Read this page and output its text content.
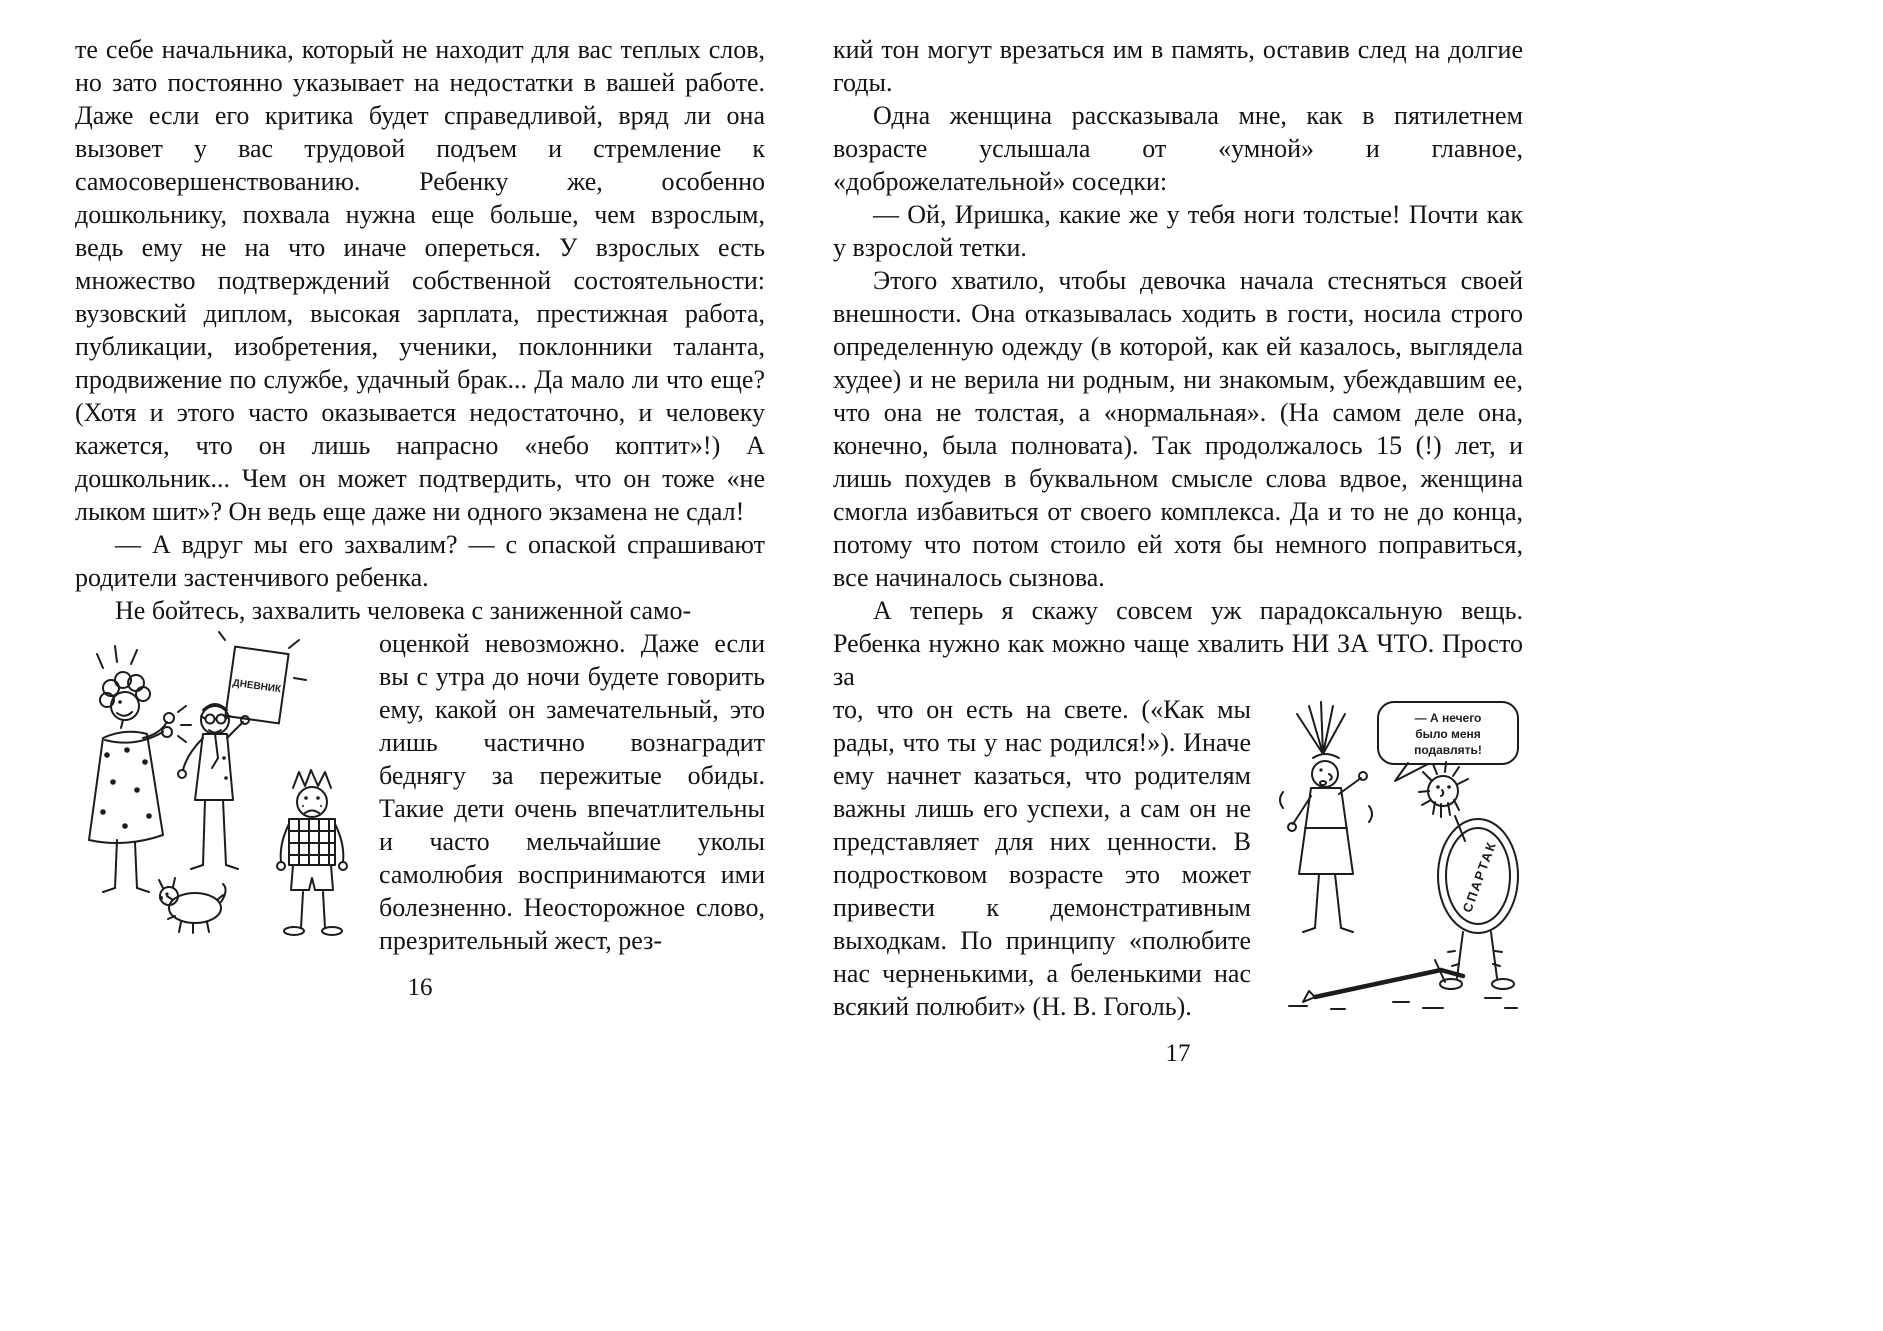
те себе начальника, который не находит для вас теплых слов, но зато постоянно указывает на недостатки в вашей работе. Даже если его критика будет справедливой, вряд ли она вызовет у вас трудовой подъем и стремление к самосовершенствованию. Ребенку же, особенно дошкольнику, похвала нужна еще больше, чем взрослым, ведь ему не на что иначе опереться. У взрослых есть множество подтверждений собственной состоятельности: вузовский диплом, высокая зарплата, престижная работа, публикации, изобретения, ученики, поклонники таланта, продвижение по службе, удачный брак... Да мало ли что еще? (Хотя и этого часто оказывается недостаточно, и человеку кажется, что он лишь напрасно «небо коптит»!) А дошкольник... Чем он может подтвердить, что он тоже «не лыком шит»? Он ведь еще даже ни одного экзамена не сдал!

— А вдруг мы его захвалим? — с опаской спрашивают родители застенчивого ребенка.

Не бойтесь, захвалить человека с заниженной само-

ДНЕВНИК

оценкой невозможно. Даже если вы с утра до ночи будете говорить ему, какой он замечательный, это лишь частично вознаградит беднягу за пережитые обиды. Такие дети очень впечатлительны и часто мельчайшие уколы самолюбия воспринимаются ими болезненно. Неосторожное слово, презрительный жест, рез-

16

кий тон могут врезаться им в память, оставив след на долгие годы.

Одна женщина рассказывала мне, как в пятилетнем возрасте услышала от «умной» и главное, «доброжелательной» соседки:

— Ой, Иришка, какие же у тебя ноги толстые! Почти как у взрослой тетки.

Этого хватило, чтобы девочка начала стесняться своей внешности. Она отказывалась ходить в гости, носила строго определенную одежду (в которой, как ей казалось, выглядела худее) и не верила ни родным, ни знакомым, убеждавшим ее, что она не толстая, а «нормальная». (На самом деле она, конечно, была полновата). Так продолжалось 15 (!) лет, и лишь похудев в буквальном смысле слова вдвое, женщина смогла избавиться от своего комплекса. Да и то не до конца, потому что потом стоило ей хотя бы немного поправиться, все начиналось сызнова.

А теперь я скажу совсем уж парадоксальную вещь. Ребенка нужно как можно чаще хвалить НИ ЗА ЧТО. Просто за

— А нечего
было меня
подавлять!
СПАРТАК

то, что он есть на свете. («Как мы рады, что ты у нас родился!»). Иначе ему начнет казаться, что родителям важны лишь его успехи, а сам он не представляет для них ценности. В подростковом возрасте это может привести к демонстративным выходкам. По принципу «полюбите нас черненькими, а беленькими нас всякий полюбит» (Н. В. Гоголь).

17
